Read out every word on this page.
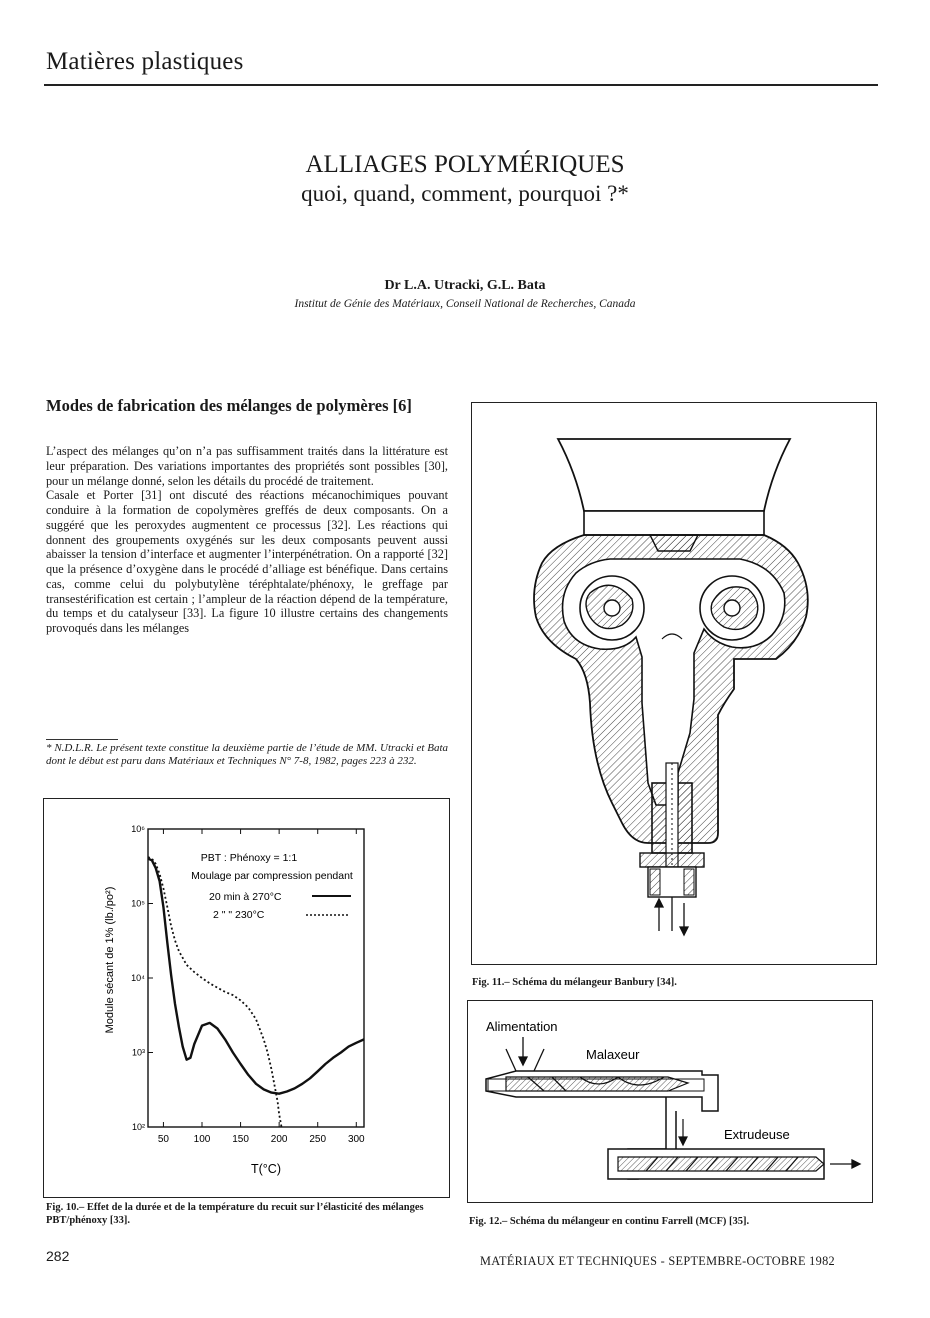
Matières plastiques
ALLIAGES POLYMÉRIQUES
quoi, quand, comment, pourquoi ?*
Dr L.A. Utracki, G.L. Bata
Institut de Génie des Matériaux, Conseil National de Recherches, Canada
Modes de fabrication des mélanges de polymères [6]

L’aspect des mélanges qu’on n’a pas suffisamment traités dans la littérature est leur préparation. Des variations importantes des propriétés sont possibles [30], pour un mélange donné, selon les détails du procédé de traitement.

Casale et Porter [31] ont discuté des réactions mécanochimiques pouvant conduire à la formation de copolymères greffés de deux composants. On a suggéré que les peroxydes augmentent ce processus [32]. Les réactions qui donnent des groupements oxygénés sur les deux composants peuvent aussi abaisser la tension d’interface et augmenter l’interpénétration. On a rapporté [32] que la présence d’oxygène dans le procédé d’alliage est bénéfique. Dans certains cas, comme celui du polybutylène téréphtalate/phénoxy, le greffage par transestérification est certain ; l’ampleur de la réaction dépend de la température, du temps et du catalyseur [33]. La figure 10 illustre certains des changements provoqués dans les mélanges

* N.D.L.R. Le présent texte constitue la deuxième partie de l’étude de MM. Utracki et Bata dont le début est paru dans Matériaux et Techniques N° 7-8, 1982, pages 223 à 232.
50 100 150 200 250 300
10²
10³
10⁴
10⁵
10⁶
Module sécant de 1% (lb./po²)
T(°C)
PBT : Phénoxy = 1:1
Moulage par compression pendant
20 min à 270°C
2 " " 230°C
Fig. 10.– Effet de la durée et de la température du recuit sur l’élasticité des mélanges PBT/phénoxy [33].
Fig. 11.– Schéma du mélangeur Banbury [34].
Alimentation
Malaxeur
Extrudeuse
Fig. 12.– Schéma du mélangeur en continu Farrell (MCF) [35].
282	MATÉRIAUX ET TECHNIQUES - SEPTEMBRE-OCTOBRE 1982
